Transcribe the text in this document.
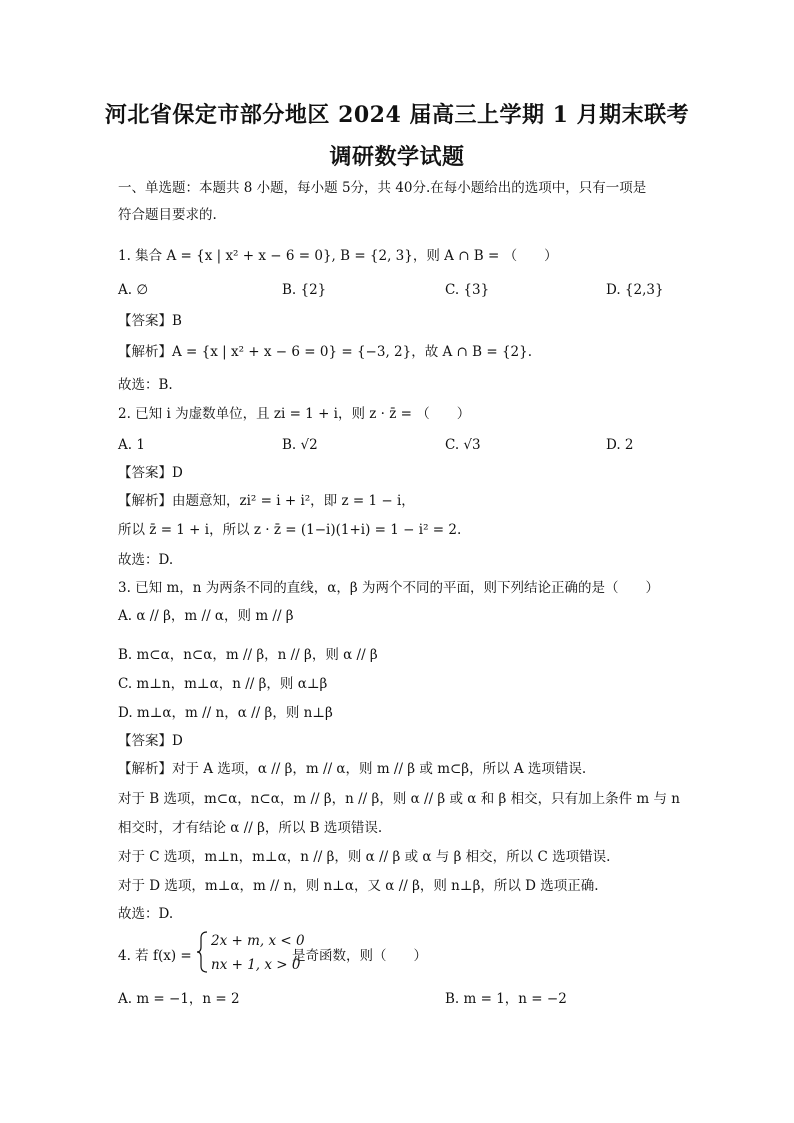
河北省保定市部分地区 2024 届高三上学期 1 月期末联考
调研数学试题
一、单选题：本题共 8 小题，每小题 5分，共 40分.在每小题给出的选项中，只有一项是
符合题目要求的.
1. 集合 A = {x | x² + x − 6 = 0}, B = {2, 3}，则 A ∩ B = （　　）
A. ∅	B. {2}	C. {3}	D. {2,3}
【答案】B
【解析】A = {x | x² + x − 6 = 0} = {−3, 2}，故 A ∩ B = {2}.
故选：B.
2. 已知 i 为虚数单位，且 zi = 1 + i，则 z · z̄ = （　　）
A. 1	B. √2	C. √3	D. 2
【答案】D
【解析】由题意知，zi² = i + i²，即 z = 1 − i，
所以 z̄ = 1 + i，所以 z · z̄ = (1−i)(1+i) = 1 − i² = 2.
故选：D.
3. 已知 m，n 为两条不同的直线，α，β 为两个不同的平面，则下列结论正确的是（　　）
A. α // β，m // α，则 m // β
B. m⊂α，n⊂α，m // β，n // β，则 α // β
C. m⊥n，m⊥α，n // β，则 α⊥β
D. m⊥α，m // n，α // β，则 n⊥β
【答案】D
【解析】对于 A 选项，α // β，m // α，则 m // β 或 m⊂β，所以 A 选项错误.
对于 B 选项，m⊂α，n⊂α，m // β，n // β，则 α // β 或 α 和 β 相交，只有加上条件 m 与 n
相交时，才有结论 α // β，所以 B 选项错误.
对于 C 选项，m⊥n，m⊥α，n // β，则 α // β 或 α 与 β 相交，所以 C 选项错误.
对于 D 选项，m⊥α，m // n，则 n⊥α，又 α // β，则 n⊥β，所以 D 选项正确.
故选：D.
4. 若 f(x) =
2x + m, x < 0
nx + 1, x > 0
是奇函数，则（　　）
A. m = −1，n = 2	B. m = 1，n = −2
